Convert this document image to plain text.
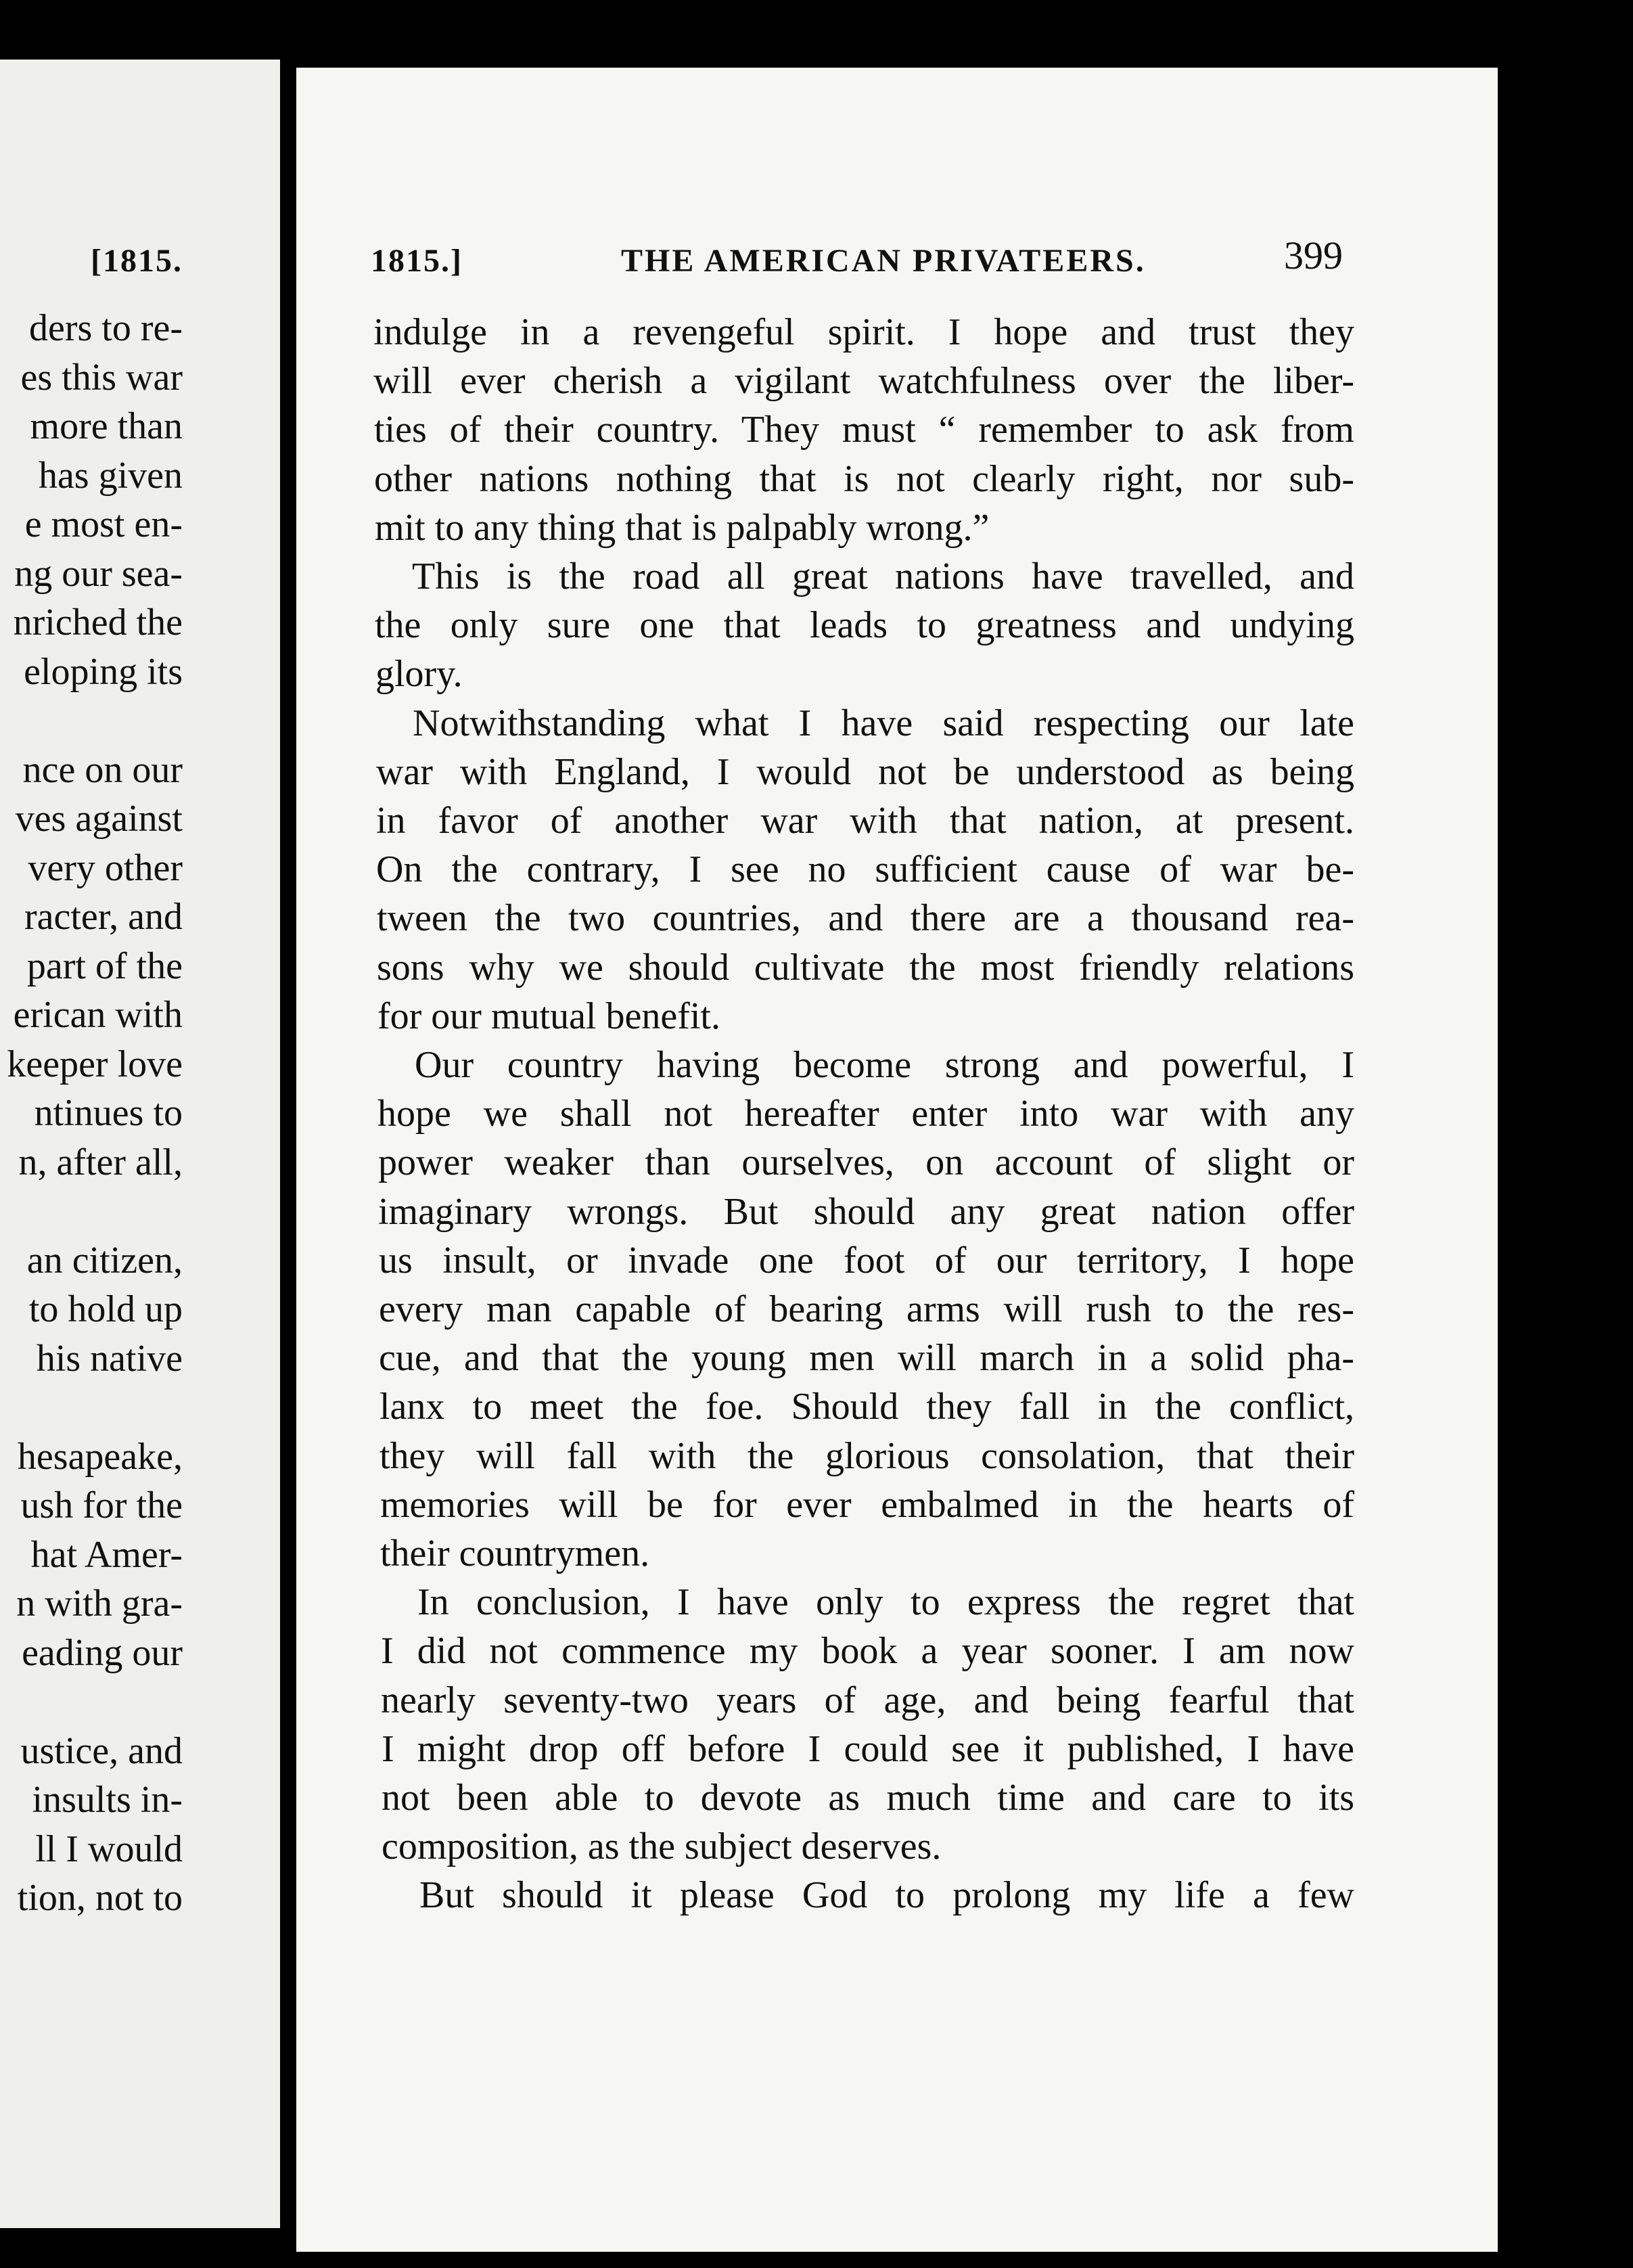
[1815.
ders to re-
es this war
more than
has given
e most en-
ng our sea-
nriched the
eloping its
nce on our
ves against
very other
racter, and
part of the
erican with
keeper love
ntinues to
n, after all,
an citizen,
to hold up
his native
hesapeake,
ush for the
hat Amer-
n with gra-
eading our
ustice, and
insults in-
ll I would
tion, not to
1815.]	THE AMERICAN PRIVATEERS.	399
indulge in a revengeful spirit. I hope and trust they
will ever cherish a vigilant watchfulness over the liber-
ties of their country. They must “ remember to ask from
other nations nothing that is not clearly right, nor sub-
mit to any thing that is palpably wrong.”
This is the road all great nations have travelled, and
the only sure one that leads to greatness and undying
glory.
Notwithstanding what I have said respecting our late
war with England, I would not be understood as being
in favor of another war with that nation, at present.
On the contrary, I see no sufficient cause of war be-
tween the two countries, and there are a thousand rea-
sons why we should cultivate the most friendly relations
for our mutual benefit.
Our country having become strong and powerful, I
hope we shall not hereafter enter into war with any
power weaker than ourselves, on account of slight or
imaginary wrongs. But should any great nation offer
us insult, or invade one foot of our territory, I hope
every man capable of bearing arms will rush to the res-
cue, and that the young men will march in a solid pha-
lanx to meet the foe. Should they fall in the conflict,
they will fall with the glorious consolation, that their
memories will be for ever embalmed in the hearts of
their countrymen.
In conclusion, I have only to express the regret that
I did not commence my book a year sooner. I am now
nearly seventy-two years of age, and being fearful that
I might drop off before I could see it published, I have
not been able to devote as much time and care to its
composition, as the subject deserves.
But should it please God to prolong my life a few
